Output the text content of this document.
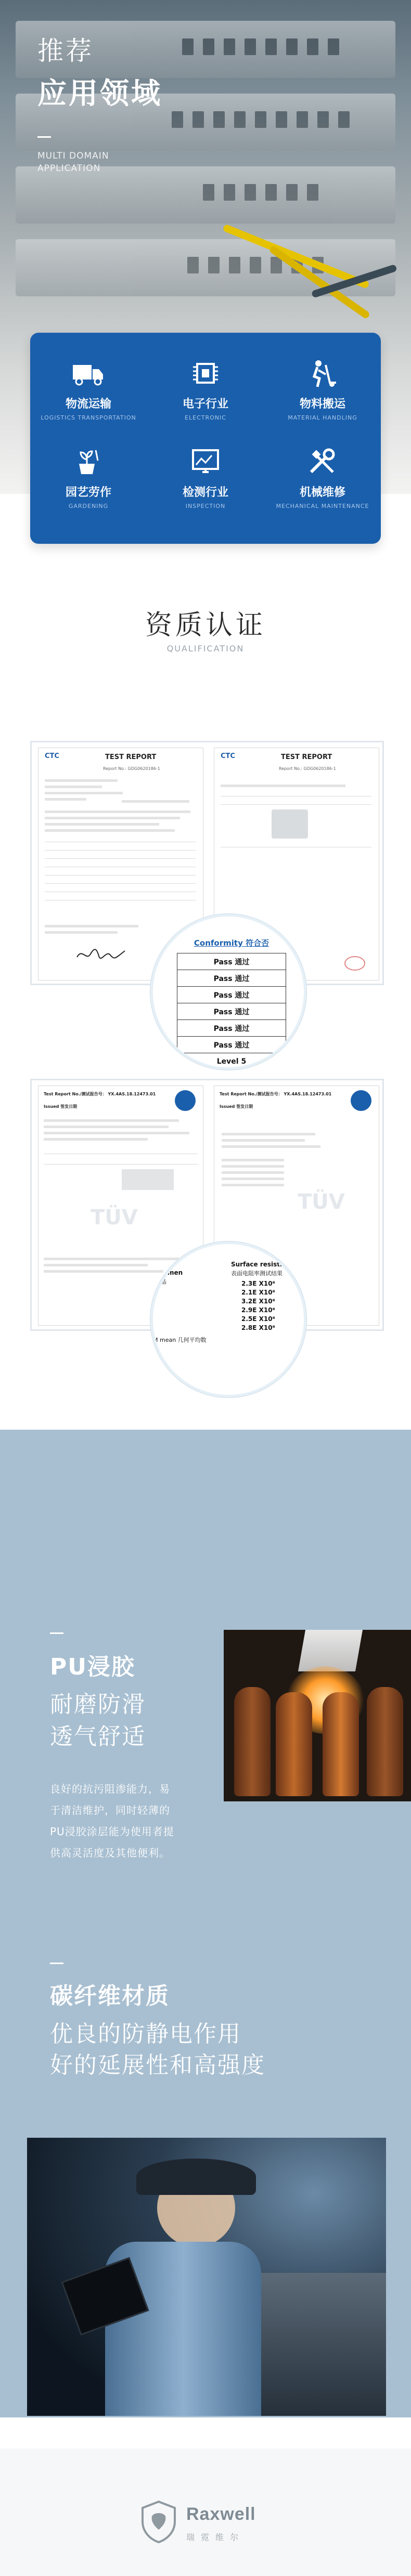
推荐
应用领域
MULTI DOMAIN
APPLICATION
物流运输
LOGISTICS TRANSPORTATION
电子行业
ELECTRONIC
物料搬运
MATERIAL HANDLING
园艺劳作
GARDENING
检测行业
INSPECTION
机械维修
MECHANICAL MAINTENANCE
资质认证
QUALIFICATION
CTC	TEST REPORT
Report No.: GDG0620186-1
CTC	TEST REPORT
Report No.: GDG0620186-1
Conformity 符合否
Pass 通过
Pass 通过
Pass 通过
Pass 通过
Pass 通过
Pass 通过
Level 5
Test Report No./测试报告号： YX.4AS.18.12473.01
Issued 签发日期
TÜV
Test Report No./测试报告号： YX.4AS.18.12473.01
Issued 签发日期
TÜV
Surface resistivity
表面电阻率测试结果
pecimen
样品	2.3E X10⁶
2.1E X10⁶
3.2E X10⁶
2.9E X10⁶
2.5E X10⁶
2.8E X10⁶
M mean 几何平均数
PU浸胶
耐磨防滑
透气舒适
良好的抗污阻渗能力，易
于清洁维护，同时轻薄的
PU浸胶涂层能为使用者提
供高灵活度及其他便利。
碳纤维材质
优良的防静电作用
好的延展性和高强度
Raxwell
瑞霓维尔
